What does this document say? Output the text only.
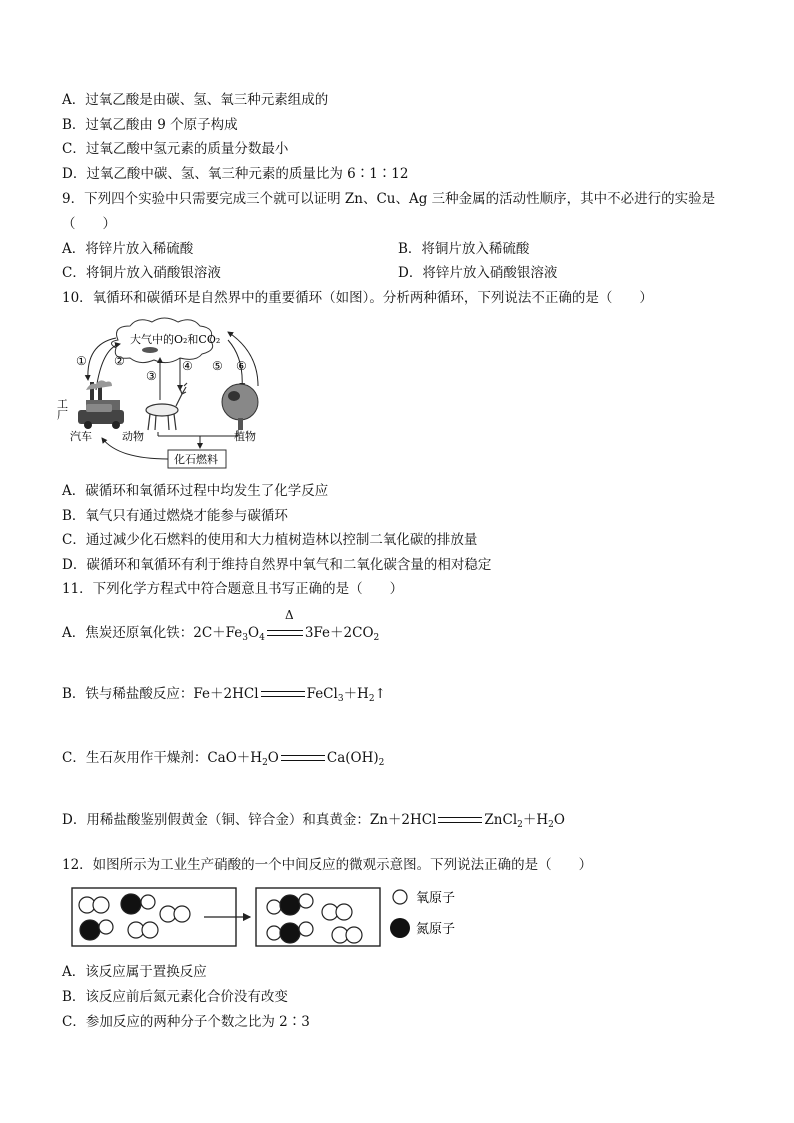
A．过氧乙酸是由碳、氢、氧三种元素组成的
B．过氧乙酸由 9 个原子构成
C．过氧乙酸中氢元素的质量分数最小
D．过氧乙酸中碳、氢、氧三种元素的质量比为 6∶1∶12
9．下列四个实验中只需要完成三个就可以证明 Zn、Cu、Ag 三种金属的活动性顺序，其中不必进行的实验是
（　　）
A．将锌片放入稀硫酸	B．将铜片放入稀硫酸
C．将铜片放入硝酸银溶液	D．将锌片放入硝酸银溶液
10．氧循环和碳循环是自然界中的重要循环（如图）。分析两种循环，下列说法不正确的是（　　）
大气中的O₂和CO₂
① ②
③
④ ⑤ ⑥
工厂
汽车	动物	植物
化石燃料
A．碳循环和氧循环过程中均发生了化学反应
B．氧气只有通过燃烧才能参与碳循环
C．通过减少化石燃料的使用和大力植树造林以控制二氧化碳的排放量
D．碳循环和氧循环有利于维持自然界中氧气和二氧化碳含量的相对稳定
11．下列化学方程式中符合题意且书写正确的是（　　）
A．焦炭还原氧化铁：$2C+Fe_3O_4$	$3Fe+2CO_2$
Δ
B．铁与稀盐酸反应：Fe＋2HCl	$FeCl_3+H_2↑$
C．生石灰用作干燥剂：$CaO+H_2O$	$Ca(OH)_2$
D．用稀盐酸鉴别假黄金（铜、锌合金）和真黄金：Zn＋2HCl	$ZnCl_2+H_2O$
12．如图所示为工业生产硝酸的一个中间反应的微观示意图。下列说法正确的是（　　）
氧原子
氮原子
A．该反应属于置换反应
B．该反应前后氮元素化合价没有改变
C．参加反应的两种分子个数之比为 2∶3
